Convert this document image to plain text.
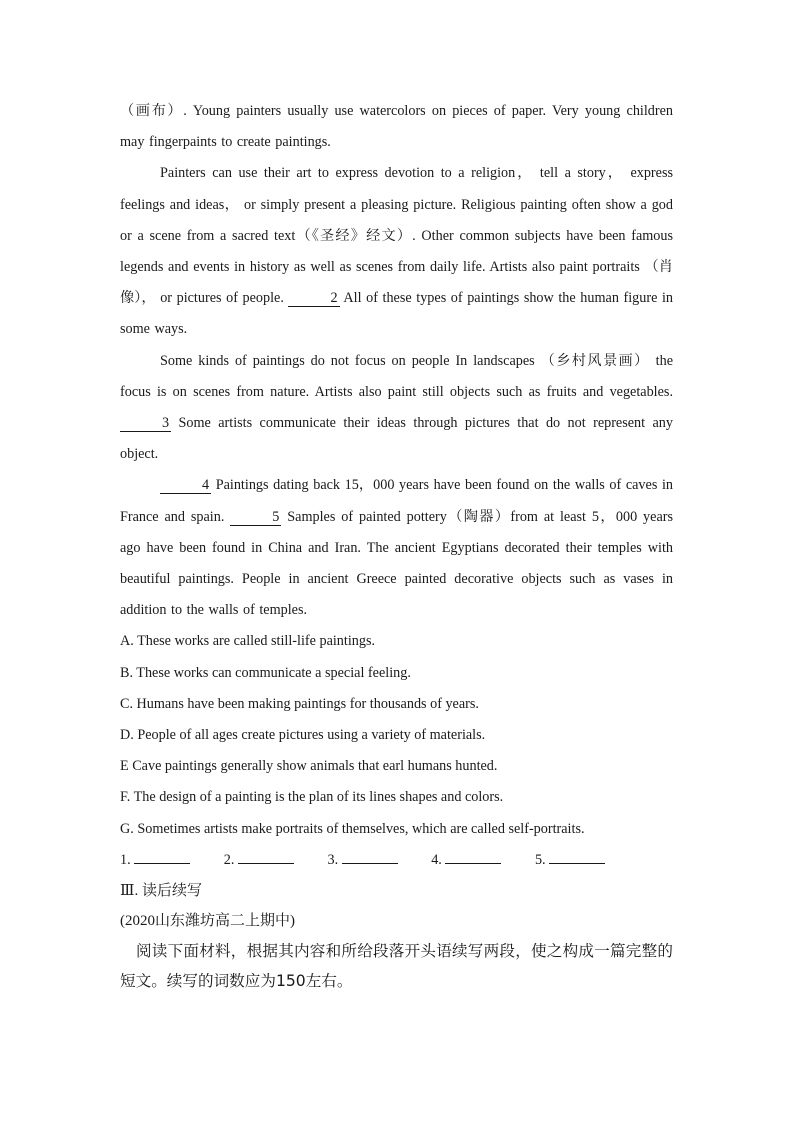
（画布）. Young painters usually use watercolors on pieces of paper. Very young children may fingerpaints to create paintings.

Painters can use their art to express devotion to a religion， tell a story， express feelings and ideas， or simply present a pleasing picture. Religious painting often show a god or a scene from a sacred text（《圣经》经文）. Other common subjects have been famous legends and events in history as well as scenes from daily life. Artists also paint portraits （肖像）， or pictures of people.	2 All of these types of paintings show the human figure in some ways.

Some kinds of paintings do not focus on people In landscapes （乡村风景画） the focus is on scenes from nature. Artists also paint still objects such as fruits and vegetables. 3 Some artists communicate their ideas through pictures that do not represent any object.

4 Paintings dating back 15，000 years have been found on the walls of caves in France and spain.	5 Samples of painted pottery（陶器）from at least 5，000 years ago have been found in China and Iran. The ancient Egyptians decorated their temples with beautiful paintings. People in ancient Greece painted decorative objects such as vases in addition to the walls of temples.

A. These works are called still-life paintings.

B. These works can communicate a special feeling.

C. Humans have been making paintings for thousands of years.

D. People of all ages create pictures using a variety of materials.

E Cave paintings generally show animals that earl humans hunted.

F. The design of a painting is the plan of its lines shapes and colors.

G. Sometimes artists make portraits of themselves, which are called self-portraits.

1.	2.	3.	4.	5.

Ⅲ. 读后续写

(2020山东潍坊高二上期中)

阅读下面材料，根据其内容和所给段落开头语续写两段，使之构成一篇完整的短文。续写的词数应为150左右。
